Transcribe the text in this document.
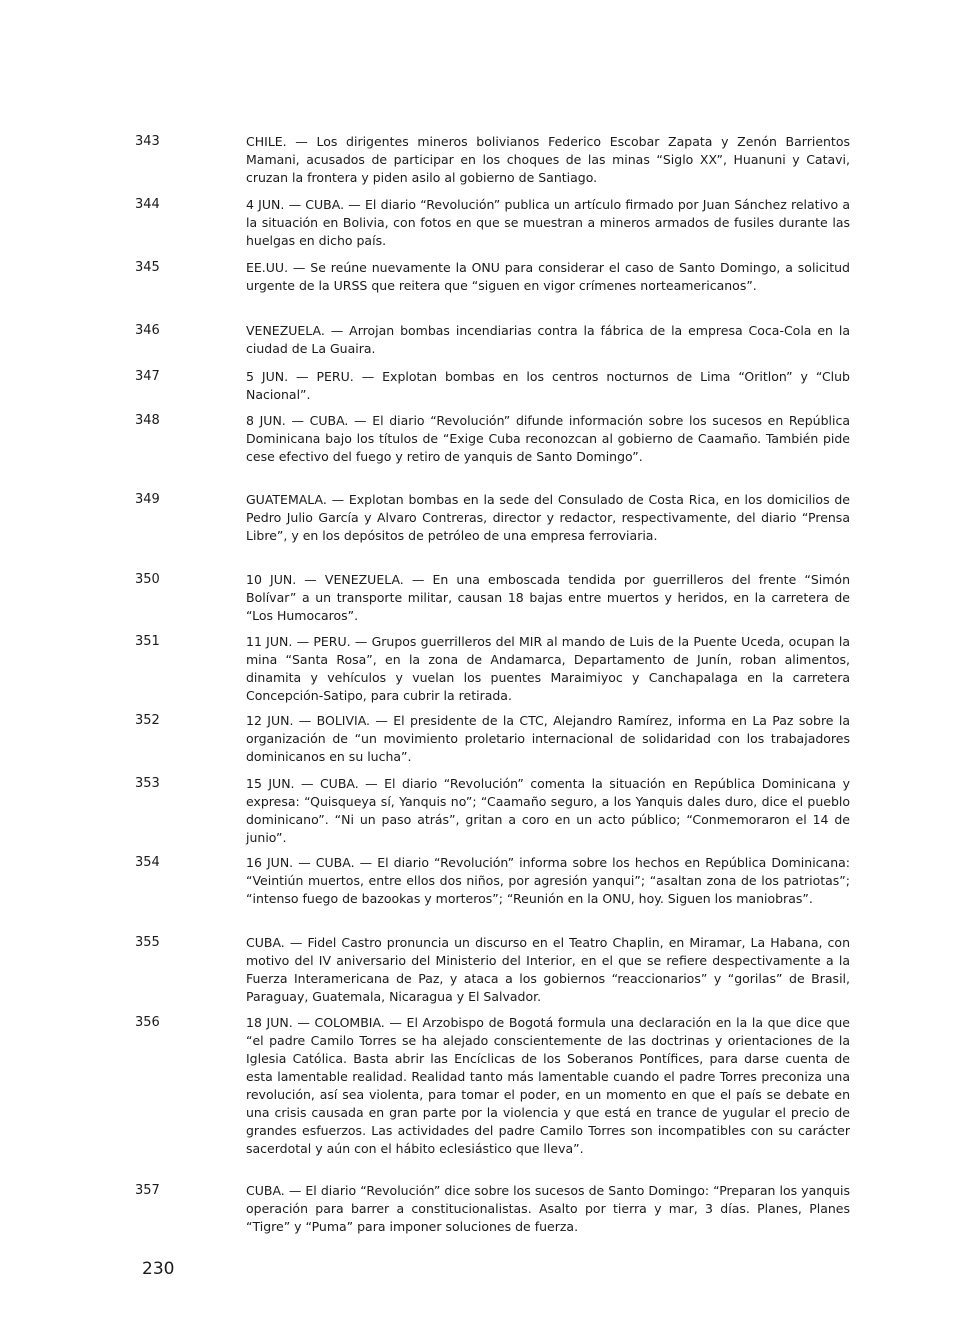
343	CHILE. — Los dirigentes mineros bolivianos Federico Escobar Zapata y Zenón Barrientos Mamani, acusados de participar en los choques de las minas “Siglo XX”, Huanuni y Catavi, cruzan la frontera y piden asilo al gobierno de Santiago.

344	4 JUN. — CUBA. — El diario “Revolución” publica un artículo firmado por Juan Sánchez relativo a la situación en Bolivia, con fotos en que se muestran a mineros armados de fusiles durante las huelgas en dicho país.

345	EE.UU. — Se reúne nuevamente la ONU para considerar el caso de Santo Domingo, a solicitud urgente de la URSS que reitera que “siguen en vigor crímenes norteamericanos”.

346	VENEZUELA. — Arrojan bombas incendiarias contra la fábrica de la empresa Coca-Cola en la ciudad de La Guaira.

347	5 JUN. — PERU. — Explotan bombas en los centros nocturnos de Lima “Oritlon” y “Club Nacional”.

348	8 JUN. — CUBA. — El diario “Revolución” difunde información sobre los sucesos en República Dominicana bajo los títulos de “Exige Cuba reconozcan al gobierno de Caamaño. También pide cese efectivo del fuego y retiro de yanquis de Santo Domingo”.

349	GUATEMALA. — Explotan bombas en la sede del Consulado de Costa Rica, en los domicilios de Pedro Julio García y Alvaro Contreras, director y redactor, respectivamente, del diario “Prensa Libre”, y en los depósitos de petróleo de una empresa ferroviaria.

350	10 JUN. — VENEZUELA. — En una emboscada tendida por guerrilleros del frente “Simón Bolívar” a un transporte militar, causan 18 bajas entre muertos y heridos, en la carretera de “Los Humocaros”.

351	11 JUN. — PERU. — Grupos guerrilleros del MIR al mando de Luis de la Puente Uceda, ocupan la mina “Santa Rosa”, en la zona de Andamarca, Departamento de Junín, roban alimentos, dinamita y vehículos y vuelan los puentes Maraimiyoc y Canchapalaga en la carretera Concepción-Satipo, para cubrir la retirada.

352	12 JUN. — BOLIVIA. — El presidente de la CTC, Alejandro Ramírez, informa en La Paz sobre la organización de “un movimiento proletario internacional de solidaridad con los trabajadores dominicanos en su lucha”.

353	15 JUN. — CUBA. — El diario “Revolución” comenta la situación en República Dominicana y expresa: “Quisqueya sí, Yanquis no”; “Caamaño seguro, a los Yanquis dales duro, dice el pueblo dominicano”. “Ni un paso atrás”, gritan a coro en un acto público; “Conmemoraron el 14 de junio”.

354	16 JUN. — CUBA. — El diario “Revolución” informa sobre los hechos en República Dominicana: “Veintiún muertos, entre ellos dos niños, por agresión yanqui”; “asaltan zona de los patriotas”; “intenso fuego de bazookas y morteros”; “Reunión en la ONU, hoy. Siguen los maniobras”.

355	CUBA. — Fidel Castro pronuncia un discurso en el Teatro Chaplin, en Miramar, La Habana, con motivo del IV aniversario del Ministerio del Interior, en el que se refiere despectivamente a la Fuerza Interamericana de Paz, y ataca a los gobiernos “reaccionarios” y “gorilas” de Brasil, Paraguay, Guatemala, Nicaragua y El Salvador.

356	18 JUN. — COLOMBIA. — El Arzobispo de Bogotá formula una declaración en la la que dice que “el padre Camilo Torres se ha alejado conscientemente de las doctrinas y orientaciones de la Iglesia Católica. Basta abrir las Encíclicas de los Soberanos Pontífices, para darse cuenta de esta lamentable realidad. Realidad tanto más lamentable cuando el padre Torres preconiza una revolución, así sea violenta, para tomar el poder, en un momento en que el país se debate en una crisis causada en gran parte por la violencia y que está en trance de yugular el precio de grandes esfuerzos. Las actividades del padre Camilo Torres son incompatibles con su carácter sacerdotal y aún con el hábito eclesiástico que lleva”.

357	CUBA. — El diario “Revolución” dice sobre los sucesos de Santo Domingo: “Preparan los yanquis operación para barrer a constitucionalistas. Asalto por tierra y mar, 3 días. Planes, Planes “Tigre” y “Puma” para imponer soluciones de fuerza.

230
